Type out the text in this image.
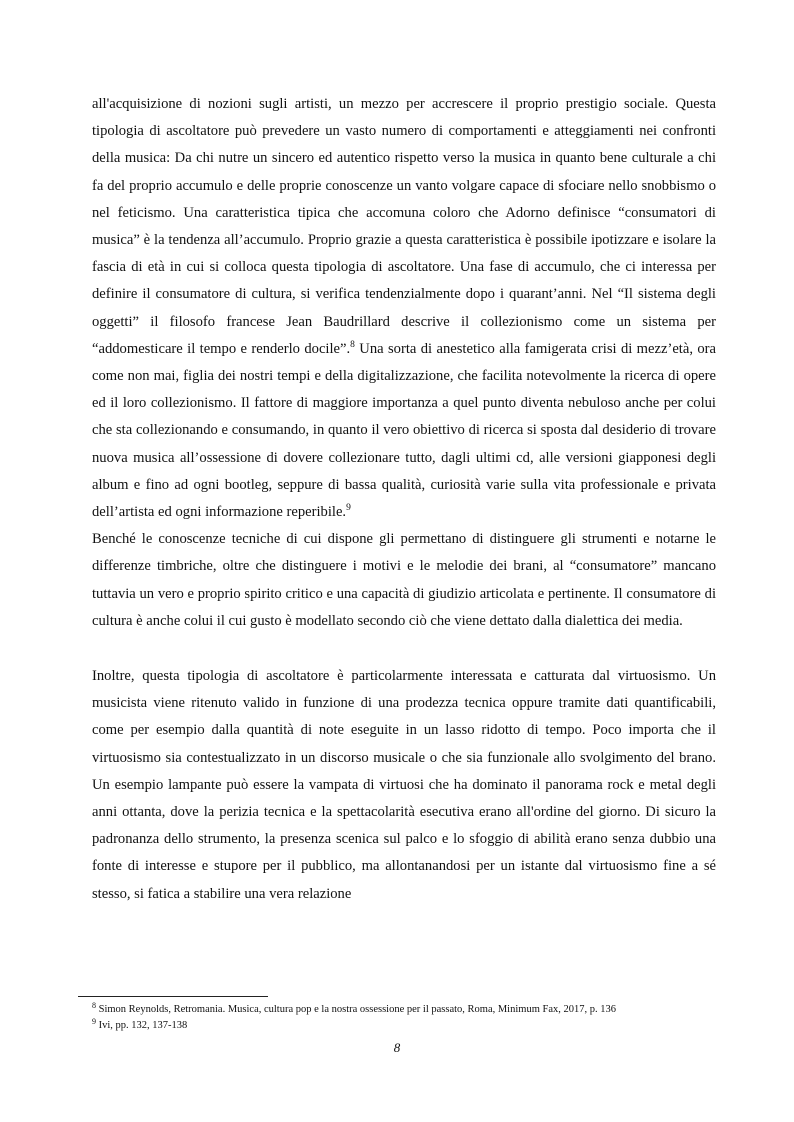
all'acquisizione di nozioni sugli artisti, un mezzo per accrescere il proprio prestigio sociale. Questa tipologia di ascoltatore può prevedere un vasto numero di comportamenti e atteggiamenti nei confronti della musica: Da chi nutre un sincero ed autentico rispetto verso la musica in quanto bene culturale a chi fa del proprio accumulo e delle proprie conoscenze un vanto volgare capace di sfociare nello snobbismo o nel feticismo. Una caratteristica tipica che accomuna coloro che Adorno definisce “consumatori di musica” è la tendenza all’accumulo. Proprio grazie a questa caratteristica è possibile ipotizzare e isolare la fascia di età in cui si colloca questa tipologia di ascoltatore. Una fase di accumulo, che ci interessa per definire il consumatore di cultura, si verifica tendenzialmente dopo i quarant’anni. Nel “Il sistema degli oggetti” il filosofo francese Jean Baudrillard descrive il collezionismo come un sistema per “addomesticare il tempo e renderlo docile”.$^8$ Una sorta di anestetico alla famigerata crisi di mezz’età, ora come non mai, figlia dei nostri tempi e della digitalizzazione, che facilita notevolmente la ricerca di opere ed il loro collezionismo. Il fattore di maggiore importanza a quel punto diventa nebuloso anche per colui che sta collezionando e consumando, in quanto il vero obiettivo di ricerca si sposta dal desiderio di trovare nuova musica all’ossessione di dovere collezionare tutto, dagli ultimi cd, alle versioni giapponesi degli album e fino ad ogni bootleg, seppure di bassa qualità, curiosità varie sulla vita professionale e privata dell’artista ed ogni informazione reperibile.$^9$

Benché le conoscenze tecniche di cui dispone gli permettano di distinguere gli strumenti e notarne le differenze timbriche, oltre che distinguere i motivi e le melodie dei brani, al “consumatore” mancano tuttavia un vero e proprio spirito critico e una capacità di giudizio articolata e pertinente. Il consumatore di cultura è anche colui il cui gusto è modellato secondo ciò che viene dettato dalla dialettica dei media.

Inoltre, questa tipologia di ascoltatore è particolarmente interessata e catturata dal virtuosismo. Un musicista viene ritenuto valido in funzione di una prodezza tecnica oppure tramite dati quantificabili, come per esempio dalla quantità di note eseguite in un lasso ridotto di tempo. Poco importa che il virtuosismo sia contestualizzato in un discorso musicale o che sia funzionale allo svolgimento del brano. Un esempio lampante può essere la vampata di virtuosi che ha dominato il panorama rock e metal degli anni ottanta, dove la perizia tecnica e la spettacolarità esecutiva erano all'ordine del giorno. Di sicuro la padronanza dello strumento, la presenza scenica sul palco e lo sfoggio di abilità erano senza dubbio una fonte di interesse e stupore per il pubblico, ma allontanandosi per un istante dal virtuosismo fine a sé stesso, si fatica a stabilire una vera relazione

$^8$ Simon Reynolds, Retromania. Musica, cultura pop e la nostra ossessione per il passato, Roma, Minimum Fax, 2017, p. 136
$^9$ Ivi, pp. 132, 137-138
8
